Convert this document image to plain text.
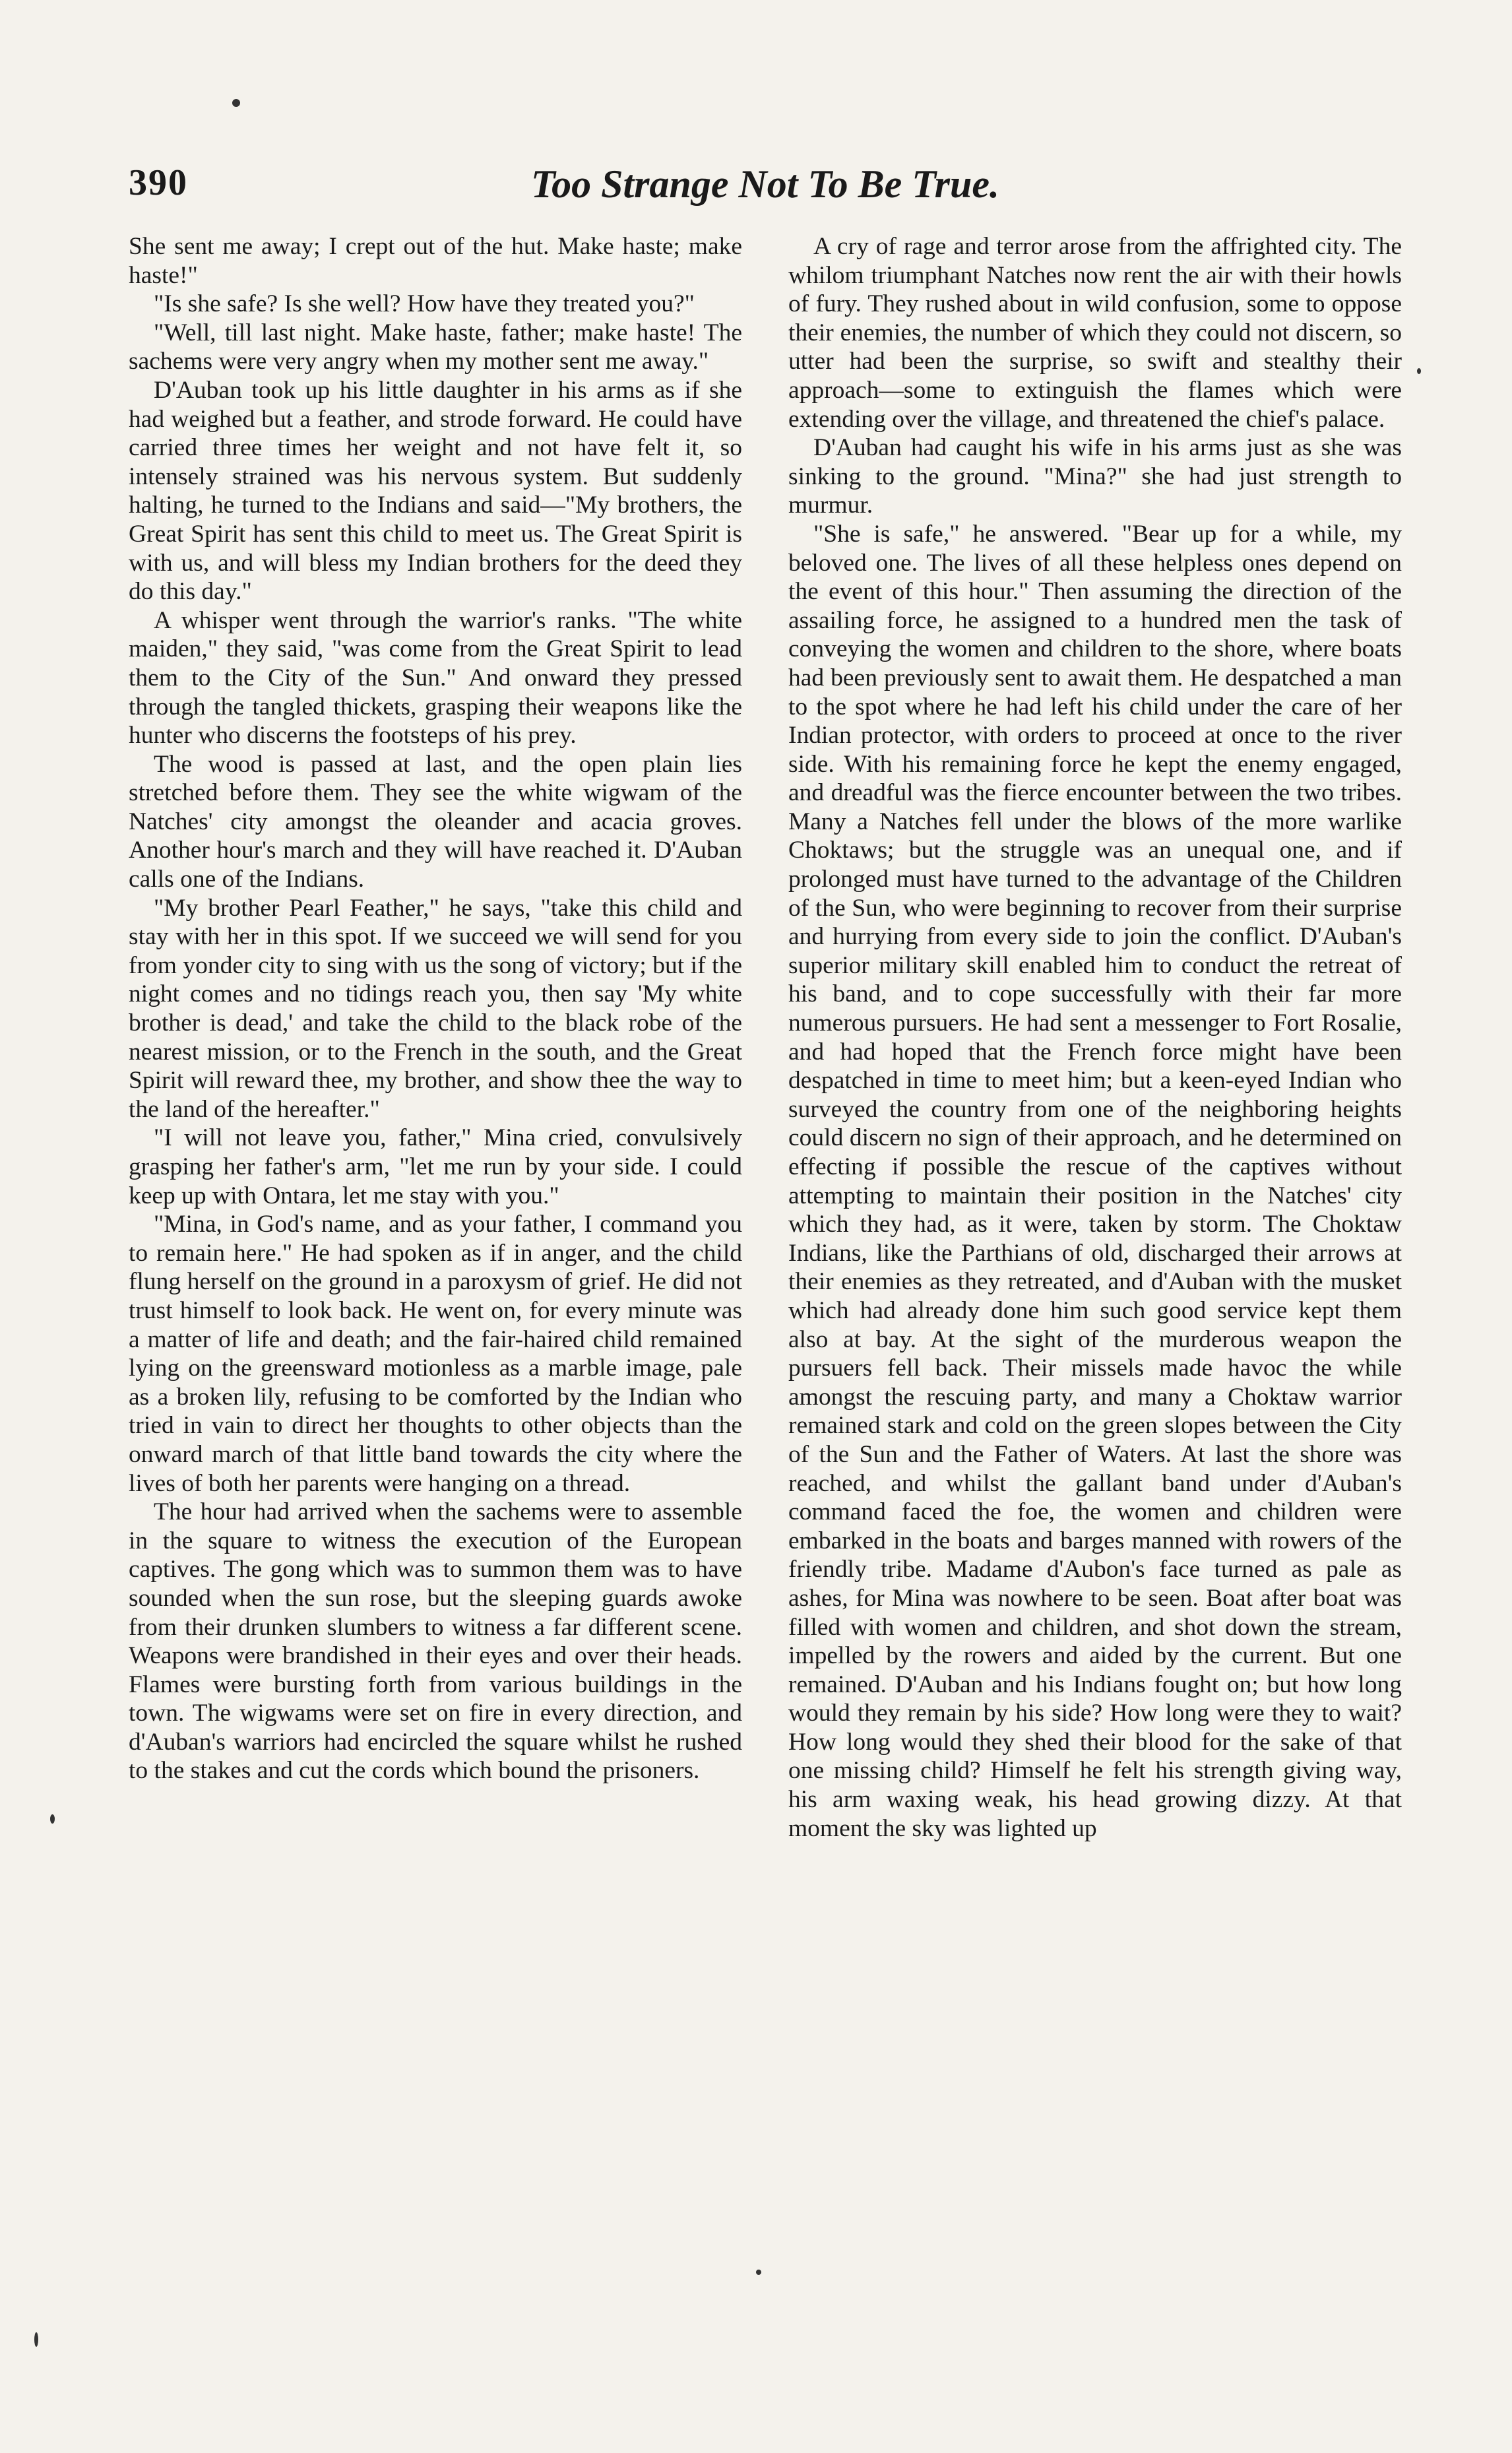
390	Too Strange Not To Be True.

She sent me away; I crept out of the hut. Make haste; make haste!"

"Is she safe? Is she well? How have they treated you?"

"Well, till last night. Make haste, father; make haste! The sachems were very angry when my mother sent me away."

D'Auban took up his little daughter in his arms as if she had weighed but a feather, and strode forward. He could have carried three times her weight and not have felt it, so intensely strained was his nervous system. But suddenly halting, he turned to the Indians and said—"My brothers, the Great Spirit has sent this child to meet us. The Great Spirit is with us, and will bless my Indian brothers for the deed they do this day."

A whisper went through the warrior's ranks. "The white maiden," they said, "was come from the Great Spirit to lead them to the City of the Sun." And onward they pressed through the tangled thickets, grasping their weapons like the hunter who discerns the footsteps of his prey.

The wood is passed at last, and the open plain lies stretched before them. They see the white wigwam of the Natches' city amongst the oleander and acacia groves. Another hour's march and they will have reached it. D'Auban calls one of the Indians.

"My brother Pearl Feather," he says, "take this child and stay with her in this spot. If we succeed we will send for you from yonder city to sing with us the song of victory; but if the night comes and no tidings reach you, then say 'My white brother is dead,' and take the child to the black robe of the nearest mission, or to the French in the south, and the Great Spirit will reward thee, my brother, and show thee the way to the land of the hereafter."

"I will not leave you, father," Mina cried, convulsively grasping her father's arm, "let me run by your side. I could keep up with Ontara, let me stay with you."

"Mina, in God's name, and as your father, I command you to remain here." He had spoken as if in anger, and the child flung herself on the ground in a paroxysm of grief. He did not trust himself to look back. He went on, for every minute was a matter of life and death; and the fair-haired child remained lying on the greensward motionless as a marble image, pale as a broken lily, refusing to be comforted by the Indian who tried in vain to direct her thoughts to other objects than the onward march of that little band towards the city where the lives of both her parents were hanging on a thread.

The hour had arrived when the sachems were to assemble in the square to witness the execution of the European captives. The gong which was to summon them was to have sounded when the sun rose, but the sleeping guards awoke from their drunken slumbers to witness a far different scene. Weapons were brandished in their eyes and over their heads. Flames were bursting forth from various buildings in the town. The wigwams were set on fire in every direction, and d'Auban's warriors had encircled the square whilst he rushed to the stakes and cut the cords which bound the prisoners.

A cry of rage and terror arose from the affrighted city. The whilom triumphant Natches now rent the air with their howls of fury. They rushed about in wild confusion, some to oppose their enemies, the number of which they could not discern, so utter had been the surprise, so swift and stealthy their approach—some to extinguish the flames which were extending over the village, and threatened the chief's palace.

D'Auban had caught his wife in his arms just as she was sinking to the ground. "Mina?" she had just strength to murmur.

"She is safe," he answered. "Bear up for a while, my beloved one. The lives of all these helpless ones depend on the event of this hour." Then assuming the direction of the assailing force, he assigned to a hundred men the task of conveying the women and children to the shore, where boats had been previously sent to await them. He despatched a man to the spot where he had left his child under the care of her Indian protector, with orders to proceed at once to the river side. With his remaining force he kept the enemy engaged, and dreadful was the fierce encounter between the two tribes. Many a Natches fell under the blows of the more warlike Choktaws; but the struggle was an unequal one, and if prolonged must have turned to the advantage of the Children of the Sun, who were beginning to recover from their surprise and hurrying from every side to join the conflict. D'Auban's superior military skill enabled him to conduct the retreat of his band, and to cope successfully with their far more numerous pursuers. He had sent a messenger to Fort Rosalie, and had hoped that the French force might have been despatched in time to meet him; but a keen-eyed Indian who surveyed the country from one of the neighboring heights could discern no sign of their approach, and he determined on effecting if possible the rescue of the captives without attempting to maintain their position in the Natches' city which they had, as it were, taken by storm. The Choktaw Indians, like the Parthians of old, discharged their arrows at their enemies as they retreated, and d'Auban with the musket which had already done him such good service kept them also at bay. At the sight of the murderous weapon the pursuers fell back. Their missels made havoc the while amongst the rescuing party, and many a Choktaw warrior remained stark and cold on the green slopes between the City of the Sun and the Father of Waters. At last the shore was reached, and whilst the gallant band under d'Auban's command faced the foe, the women and children were embarked in the boats and barges manned with rowers of the friendly tribe. Madame d'Aubon's face turned as pale as ashes, for Mina was nowhere to be seen. Boat after boat was filled with women and children, and shot down the stream, impelled by the rowers and aided by the current. But one remained. D'Auban and his Indians fought on; but how long would they remain by his side? How long were they to wait? How long would they shed their blood for the sake of that one missing child? Himself he felt his strength giving way, his arm waxing weak, his head growing dizzy. At that moment the sky was lighted up
